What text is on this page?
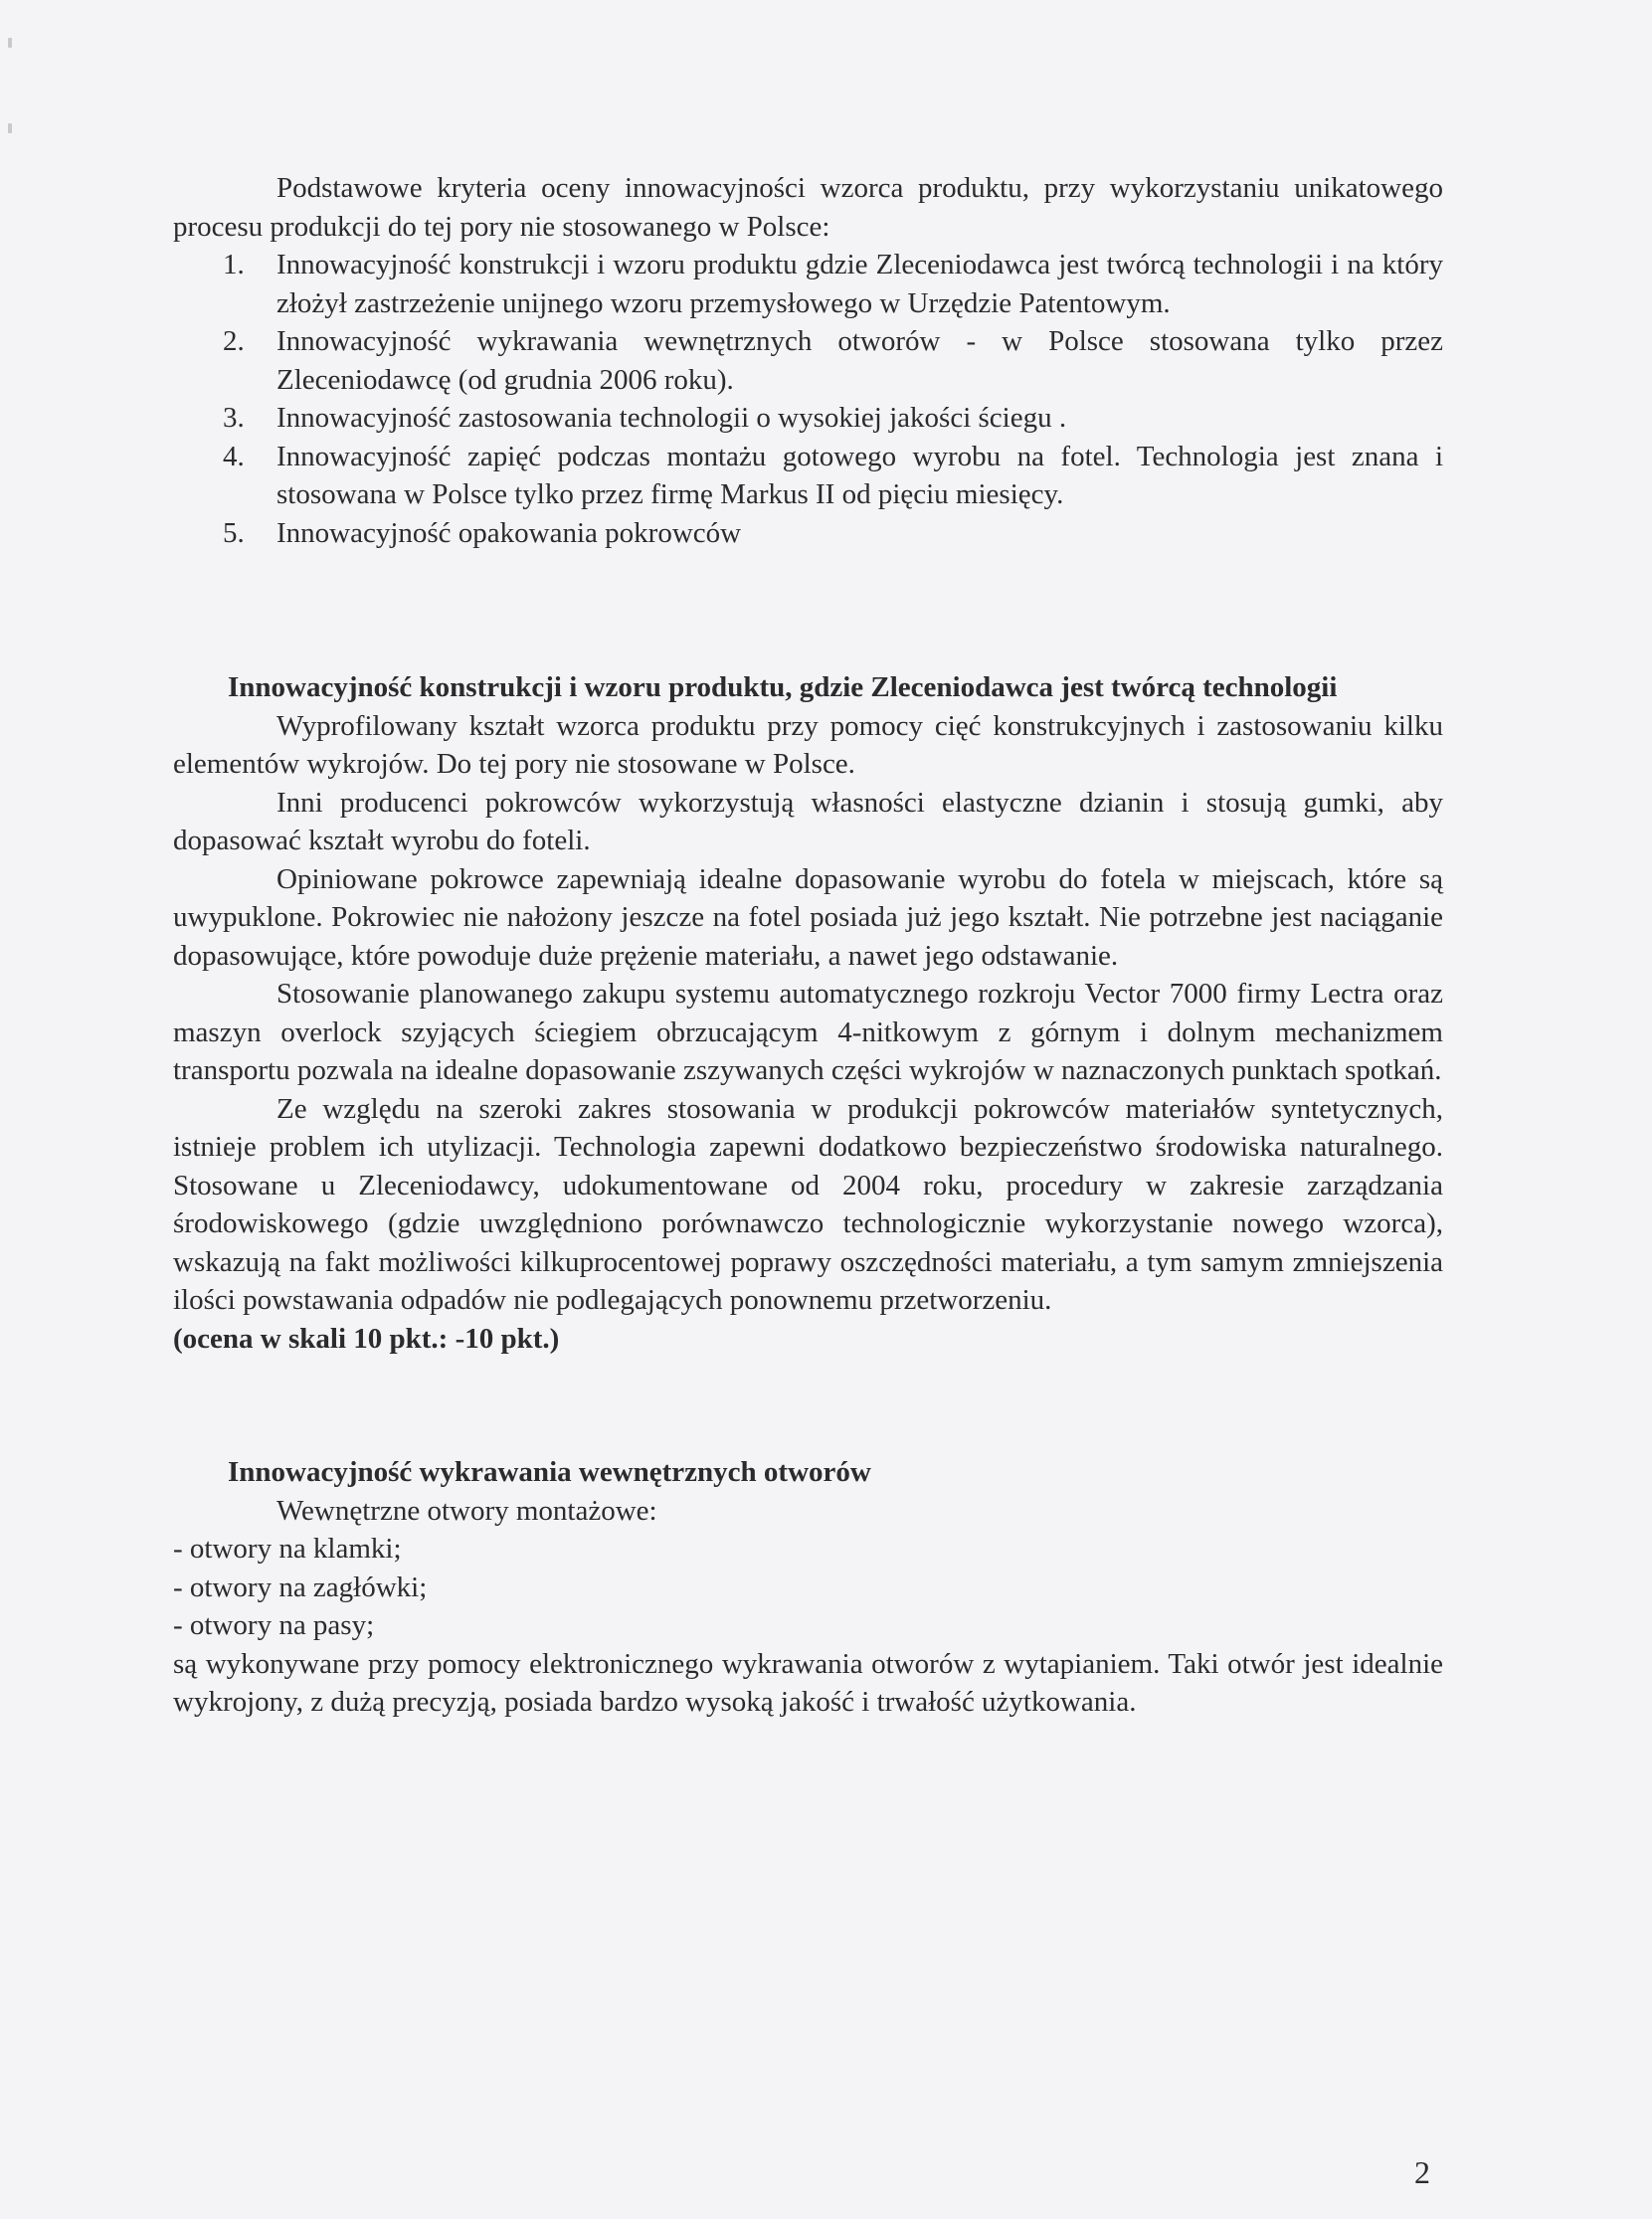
Podstawowe kryteria oceny innowacyjności wzorca produktu, przy wykorzystaniu unikatowego procesu produkcji do tej pory nie stosowanego w Polsce:

1. Innowacyjność konstrukcji i wzoru produktu gdzie Zleceniodawca jest twórcą technologii i na który złożył zastrzeżenie unijnego wzoru przemysłowego w Urzędzie Patentowym.
2. Innowacyjność wykrawania wewnętrznych otworów - w Polsce stosowana tylko przez Zleceniodawcę (od grudnia 2006 roku).
3. Innowacyjność zastosowania technologii o wysokiej jakości ściegu .
4. Innowacyjność zapięć podczas montażu gotowego wyrobu na fotel. Technologia jest znana i stosowana w Polsce tylko przez firmę Markus II od pięciu miesięcy.
5. Innowacyjność opakowania pokrowców

Innowacyjność konstrukcji i wzoru produktu, gdzie Zleceniodawca jest twórcą technologii

Wyprofilowany kształt wzorca produktu przy pomocy cięć konstrukcyjnych i zastosowaniu kilku elementów wykrojów. Do tej pory nie stosowane w Polsce.

Inni producenci pokrowców wykorzystują własności elastyczne dzianin i stosują gumki, aby dopasować kształt wyrobu do foteli.

Opiniowane pokrowce zapewniają idealne dopasowanie wyrobu do fotela w miejscach, które są uwypuklone. Pokrowiec nie nałożony jeszcze na fotel posiada już jego kształt. Nie potrzebne jest naciąganie dopasowujące, które powoduje duże prężenie materiału, a nawet jego odstawanie.

Stosowanie planowanego zakupu systemu automatycznego rozkroju Vector 7000 firmy Lectra oraz maszyn overlock szyjących ściegiem obrzucającym 4-nitkowym z górnym i dolnym mechanizmem transportu pozwala na idealne dopasowanie zszywanych części wykrojów w naznaczonych punktach spotkań.

Ze względu na szeroki zakres stosowania w produkcji pokrowców materiałów syntetycznych, istnieje problem ich utylizacji. Technologia zapewni dodatkowo bezpieczeństwo środowiska naturalnego. Stosowane u Zleceniodawcy, udokumentowane od 2004 roku, procedury w zakresie zarządzania środowiskowego (gdzie uwzględniono porównawczo technologicznie wykorzystanie nowego wzorca), wskazują na fakt możliwości kilkuprocentowej poprawy oszczędności materiału, a tym samym zmniejszenia ilości powstawania odpadów nie podlegających ponownemu przetworzeniu.

(ocena w skali 10 pkt.: -10 pkt.)

Innowacyjność wykrawania wewnętrznych otworów

Wewnętrzne otwory montażowe:

- otwory na klamki;

- otwory na zagłówki;

- otwory na pasy;

są wykonywane przy pomocy elektronicznego wykrawania otworów z wytapianiem. Taki otwór jest idealnie wykrojony, z dużą precyzją, posiada bardzo wysoką jakość i trwałość użytkowania.

2
